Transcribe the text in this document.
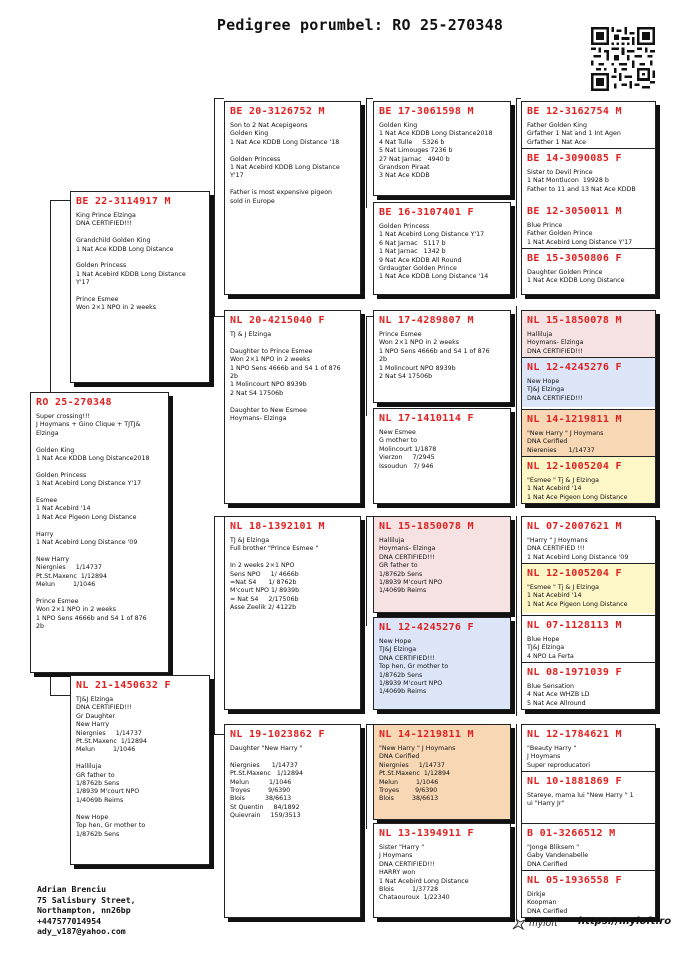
Pedigree porumbel: RO 25-270348
RO 25-270348
Super crossing!!!
J Hoymans + Gino Clique + TJTJ&
Elzinga

Golden King
1 Nat Ace KDDB Long Distance2018

Golden Princess
1 Nat Acebird Long Distance Y'17

Esmee
1 Nat Acebird '14
1 Nat Ace Pigeon Long Distance

Harry
1 Nat Acebird Long Distance '09

New Harry
Niergnies     1/14737
Pt.St.Maxenc  1/12894
Melun         1/1046

Prince Esmee
Won 2×1 NPO in 2 weeks
1 NPO Sens 4666b and S4 1 of 876
2b
BE 22-3114917 M
King Prince Elzinga
DNA CERTIFIED!!!

Grandchild Golden King
1 Nat Ace KDDB Long Distance

Golden Princess
1 Nat Acebird KDDB Long Distance
Y'17

Prince Esmee
Won 2×1 NPO in 2 weeks
NL 21-1450632 F
TJ&J Elzinga
DNA CERTIFIED!!!
Gr Daughter
New Harry
Niergnies     1/14737
Pt.St.Maxenc  1/12894
Melun         1/1046

Halliluja
GR father to
1/8762b Sens
1/8939 M'court NPO
1/4069b Reims

New Hope
Top hen, Gr mother to
1/8762b Sens
BE 20-3126752 M
Son to 2 Nat Acepigeons
Golden King
1 Nat Ace KDDB Long Distance '18

Golden Princess
1 Nat Acebird KDDB Long Distance
Y'17

Father is most expensive pigeon
sold in Europe
NL 20-4215040 F
TJ & J Elzinga

Daughter to Prince Esmee
Won 2×1 NPO in 2 weeks
1 NPO Sens 4666b and S4 1 of 876
2b
1 Molincourt NPO 8939b
2 Nat S4 17506b

Daughter to New Esmee
Hoymans- Elzinga
NL 18-1392101 M
TJ &J Elzinga
Full brother "Prince Esmee "

In 2 weeks 2×1 NPO
Sens NPO     1/ 4666b
=Nat S4      1/ 8762b
M'court NPO 1/ 8939b
= Nat S4     2/17506b
Asse Zeelik 2/ 4122b
NL 19-1023862 F
Daughter "New Harry "

Niergnies      1/14737
Pt.St.Maxenc   1/12894
Melun          1/1046
Troyes         9/6390
Blois          38/6613
St Quentin     84/1892
Quievrain     159/3513
BE 17-3061598 M
Golden King
1 Nat Ace KDDB Long Distance2018
4 Nat Tulle     5326 b
5 Nat Limouges 7236 b
27 Nat Jarnac   4940 b
Grandson Piraat
3 Nat Ace KDDB
BE 16-3107401 F
Golden Princess
1 Nat Acebird Long Distance Y'17
6 Nat Jarnac   5117 b
1 Nat Jarnac   1342 b
9 Nat Ace KDDB All Round
Grdaugter Golden Prince
1 Nat Ace KDDB Long Distance '14
NL 17-4289807 M
Prince Esmee
Won 2×1 NPO in 2 weeks
1 NPO Sens 4666b and S4 1 of 876
2b
1 Molincourt NPO 8939b
2 Nat S4 17506b
NL 17-1410114 F
New Esmee
G mother to
Molincourt 1/1878
Vierzon     7/2945
Issoudun   7/ 946
NL 15-1850078 M
Halliluja
Hoymans- Elzinga
DNA CERTIFIED!!!
GR father to
1/8762b Sens
1/8939 M'court NPO
1/4069b Reims
NL 12-4245276 F
New Hope
TJ&J Elzinga
DNA CERTIFIED!!!
Top hen, Gr mother to
1/8762b Sens
1/8939 M'court NPO
1/4069b Reims
NL 14-1219811 M
"New Harry " J Hoymans
DNA Cerified
Niergnies     1/14737
Pt.St.Maxenc  1/12894
Melun         1/1046
Troyes        9/6390
Blois         38/6613
NL 13-1394911 F
Sister "Harry "
J Hoymans
DNA CERTIFIED!!!
HARRY won
1 Nat Acebird Long Distance
Blois         1/37728
Chataouroux  1/22340
BE 12-3162754 M
Father Golden King
Grfather 1 Nat and 1 Int Agen
Grfather 1 Nat Ace
BE 14-3090085 F
Sister to Devil Prince
1 Nat Montlucon  19928 b
Father to 11 and 13 Nat Ace KDDB
BE 12-3050011 M
Blue Prince
Father Golden Prince
1 Nat Acebird Long Distance Y'17
BE 15-3050806 F
Daughter Golden Prince
1 Nat Ace KDDB Long Distance
NL 15-1850078 M
Halliluja
Hoymans- Elzinga
DNA CERTIFIED!!!
NL 12-4245276 F
New Hope
TJ&J Elzinga
DNA CERTIFIED!!!
NL 14-1219811 M
"New Harry " J Hoymans
DNA Cerified
Nierenies      1/14737
NL 12-1005204 F
"Esmee " Tj & J Elzinga
1 Nat Acebird '14
1 Nat Ace Pigeon Long Distance
NL 07-2007621 M
"Harry " J Hoymans
DNA CERTIFIED !!!
1 Nat Acebird Long Distance '09
NL 12-1005204 F
"Esmee " Tj & J Elzinga
1 Nat Acebird '14
1 Nat Ace Pigeon Long Distance
NL 07-1128113 M
Blue Hope
TJ&J Elzinga
4 NPO La Ferta
NL 08-1971039 F
Blue Sensation
4 Nat Ace WHZB LD
5 Nat Ace Allround
NL 12-1784621 M
"Beauty Harry "
J Hoymans
Super reproducatori
NL 10-1881869 F
Stareye, mama lui "New Harry " 1
ui "Harry Jr"
B 01-3266512 M
"Jonge Bliksem "
Gaby Vandenabelle
DNA Cerified
NL 05-1936558 F
Dirkje
Koopman
DNA Cerified
Adrian Brenciu
75 Salisbury Street,
Northampton, nn26bp
+447577014954
ady_v187@yahoo.com
myloft https://myloft.ro
